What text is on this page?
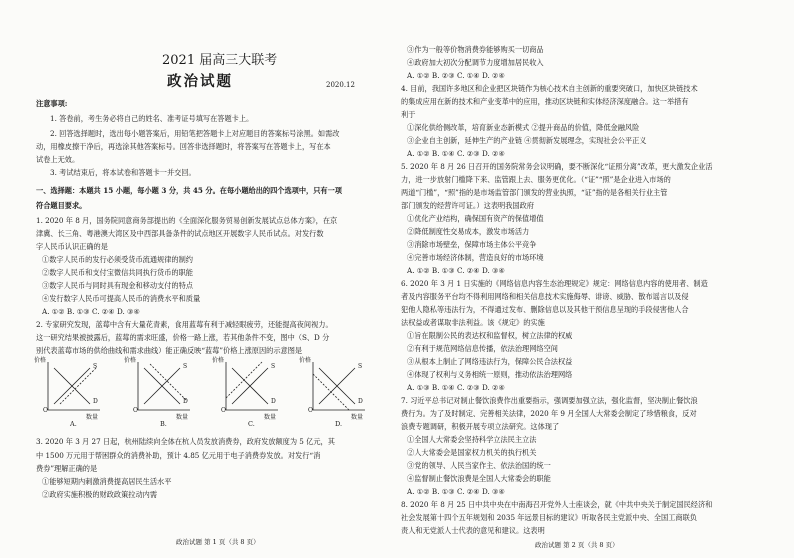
2021 届高三大联考
政治试题	2020.12
注意事项:
1. 答卷前，考生务必将自己的姓名、准考证号填写在答题卡上。
2. 回答选择题时，选出每小题答案后，用铅笔把答题卡上对应题目的答案标号涂黑。如需改
动，用橡皮擦干净后，再选涂其他答案标号。回答非选择题时，将答案写在答题卡上，写在本
试卷上无效。
3. 考试结束后，将本试卷和答题卡一并交回。
一、选择题：本题共 15 小题，每小题 3 分，共 45 分。在每小题给出的四个选项中，只有一项
符合题目要求。
1. 2020 年 8 月，国务院同意商务部提出的《全面深化服务贸易创新发展试点总体方案》，在京
津冀、长三角、粤港澳大湾区及中西部具备条件的试点地区开展数字人民币试点。对发行数
字人民币认识正确的是
①数字人民币的发行必须受货币流通规律的制约
②数字人民币和支付宝微信共同执行货币的职能
③数字人民币与同时具有现金和移动支付的特点
④发行数字人民币可提高人民币的消费水平和质量
A. ①② B. ①③ C. ②④ D. ③④
2. 专家研究发现，蓝莓中含有大量花青素，食用蓝莓有利于减轻眼疲劳，还能提高夜间视力。
这一研究结果被披露后，蓝莓的需求旺盛，价格一路上涨，若其他条件不变，图中（S、D 分
别代表蓝莓市场的供给曲线和需求曲线）能正确反映“蓝莓”价格上涨原因的示意图是
价格	价格	价格	价格
数量	数量	数量	数量
O	O	O	O
S
D
S
D
S
D
S
D
A.	B.	C.	D.
3. 2020 年 3 月 27 日起，杭州陆续向全体在杭人员发放消费券，政府发放额度为 5 亿元，其
中 1500 万元用于帮困群众的消费补助，预计 4.85 亿元用于电子消费券发放。对发行“消
费券”理解正确的是
①能够短期内刺激消费提高居民生活水平
②政府实施积极的财政政策拉动内需
政治试题 第 1 页（共 8 页）
③作为一般等价物消费券能够购买一切商品
④政府加大初次分配调节力度增加居民收入
A. ①② B. ②③ C. ①④ D. ②④
4. 目前，我国许多地区和企业把区块链作为核心技术自主创新的重要突破口，加快区块链技术
的集成应用在新的技术和产业变革中的应用，推动区块链和实体经济深度融合。这一举措有
利于
①深化供给侧改革，培育新业态新模式 ②提升商品的价值，降低金融风险
③企业自主创新，延伸生产的产业链 ④贯彻新发展理念，实现社会公平正义
A. ①② B. ①④ C. ②③ D. ②④
5. 2020 年 8 月 26 日召开的国务院常务会议明确，要不断深化“证照分离”改革，更大激发企业活
力，进一步放射门槛降下来、监管跟上去、服务更优化。（“证”“照”是企业进入市场的
两道“门槛”，“照”指的是市场监管部门颁发的营业执照，“证”指的是各相关行业主管
部门颁发的经营许可证。）这表明我国政府
①优化产业结构，确保国有资产的保值增值
②降低制度性交易成本，激发市场活力
③消除市场壁垒，保障市场主体公平竞争
④完善市场经济体制，营造良好的市场环境
A. ①② B. ①③ C. ②④ D. ③④
6. 2020 年 3 月 1 日实施的《网络信息内容生态治理规定》规定：网络信息内容的使用者、制造
者及内容服务平台均不得利用网络和相关信息技术实施侮辱、诽谤、威胁、散布谣言以及侵
犯他人隐私等违法行为，不得通过发布、删除信息以及其他干预信息呈现的手段侵害他人合
法权益或者谋取非法利益。该《规定》的实施
①旨在限制公民的表达权和监督权，树立法律的权威
②有利于规范网络信息传播，依法治理网络空间
③从根本上制止了网络违法行为，保障公民合法权益
④体现了权利与义务相统一原则，推动依法治理网络
A. ①③ B. ①④ C. ②③ D. ②④
7. 习近平总书记对制止餐饮浪费作出重要指示，强调要加强立法，强化监督，坚决制止餐饮浪
费行为。为了及时制定、完善相关法律，2020 年 9 月全国人大常委会制定了珍惜粮食，反对
浪费专题调研，积极开展专项立法研究。这体现了
①全国人大常委会坚持科学立法民主立法
②人大常委会是国家权力机关的执行机关
③党的领导、人民当家作主、依法治国的统一
④监督制止餐饮浪费是全国人大常委会的职能
A. ①② B. ①③ C. ②④ D. ③④
8. 2020 年 8 月 25 日中共中央在中南海召开党外人士座谈会，就《中共中央关于制定国民经济和
社会发展第十四个五年规划和 2035 年远景目标的建议》听取各民主党派中央、全国工商联负
责人和无党派人士代表的意见和建议。这表明
政治试题 第 2 页（共 8 页）
